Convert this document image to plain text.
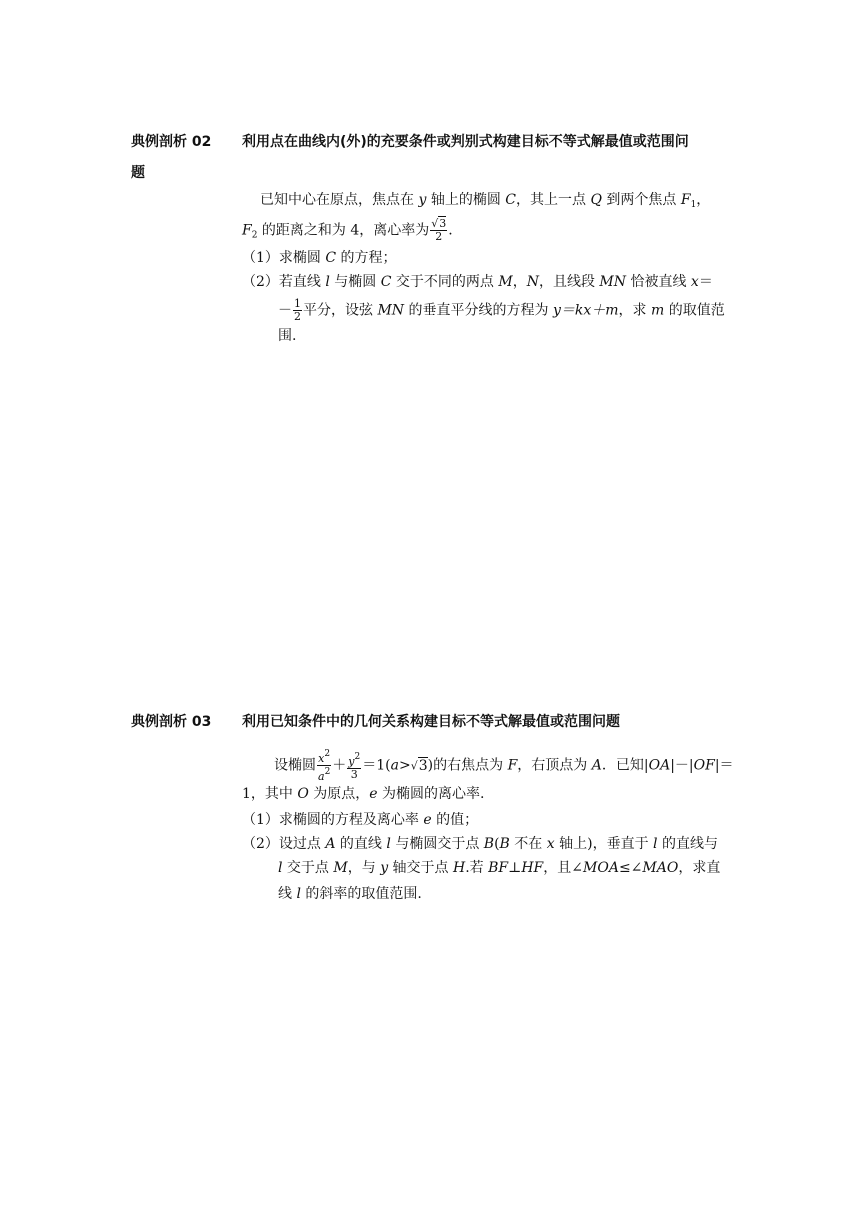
典例剖析 02 利用点在曲线内(外)的充要条件或判别式构建目标不等式解最值或范围问
题
已知中心在原点，焦点在 y 轴上的椭圆 C，其上一点 Q 到两个焦点 $F_1$，
$F_2$ 的距离之和为 4，离心率为 $\frac{√3}{2}$ .
（1）求椭圆 C 的方程；
（2）若直线 l 与椭圆 C 交于不同的两点 M，N，且线段 MN 恰被直线 x＝
－ $\frac{1}{2}$ 平分，设弦 MN 的垂直平分线的方程为 y＝kx＋m，求 m 的取值范
围.
典例剖析 03 利用已知条件中的几何关系构建目标不等式解最值或范围问题
设椭圆 $\frac{x^2}{a^2} + \frac{y^2}{3} =1(a>√3)$的右焦点为 F，右顶点为 A．已知|OA|－|OF|＝
1，其中 O 为原点，e 为椭圆的离心率.
（1）求椭圆的方程及离心率 e 的值；
（2）设过点 A 的直线 l 与椭圆交于点 B(B 不在 x 轴上)，垂直于 l 的直线与
l 交于点 M，与 y 轴交于点 H.若 BF⊥HF，且∠MOA≤∠MAO，求直
线 l 的斜率的取值范围.
